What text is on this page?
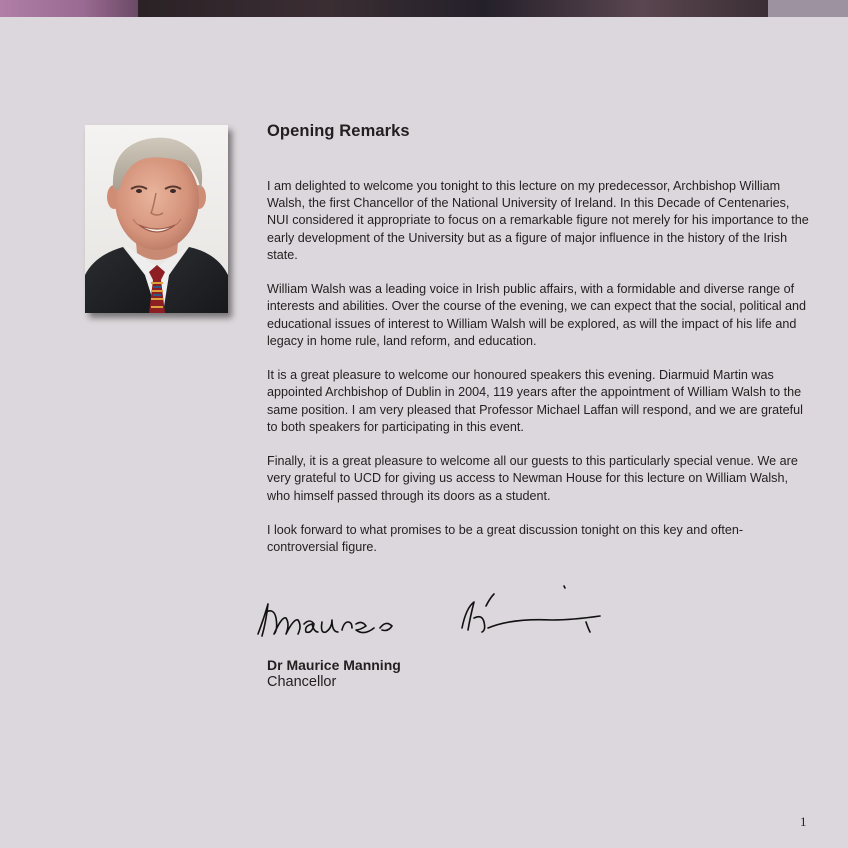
Opening Remarks

I am delighted to welcome you tonight to this lecture on my predecessor, Archbishop William Walsh, the first Chancellor of the National University of Ireland. In this Decade of Centenaries, NUI considered it appropriate to focus on a remarkable figure not merely for his importance to the early development of the University but as a figure of major influence in the history of the Irish state.

William Walsh was a leading voice in Irish public affairs, with a formidable and diverse range of interests and abilities. Over the course of the evening, we can expect that the social, political and educational issues of interest to William Walsh will be explored, as will the impact of his life and legacy in home rule, land reform, and education.

It is a great pleasure to welcome our honoured speakers this evening. Diarmuid Martin was appointed Archbishop of Dublin in 2004, 119 years after the appointment of William Walsh to the same position. I am very pleased that Professor Michael Laffan will respond, and we are grateful to both speakers for participating in this event.

Finally, it is a great pleasure to welcome all our guests to this particularly special venue. We are very grateful to UCD for giving us access to Newman House for this lecture on William Walsh, who himself passed through its doors as a student.

I look forward to what promises to be a great discussion tonight on this key and often-controversial figure.

Dr Maurice Manning
Chancellor
1
